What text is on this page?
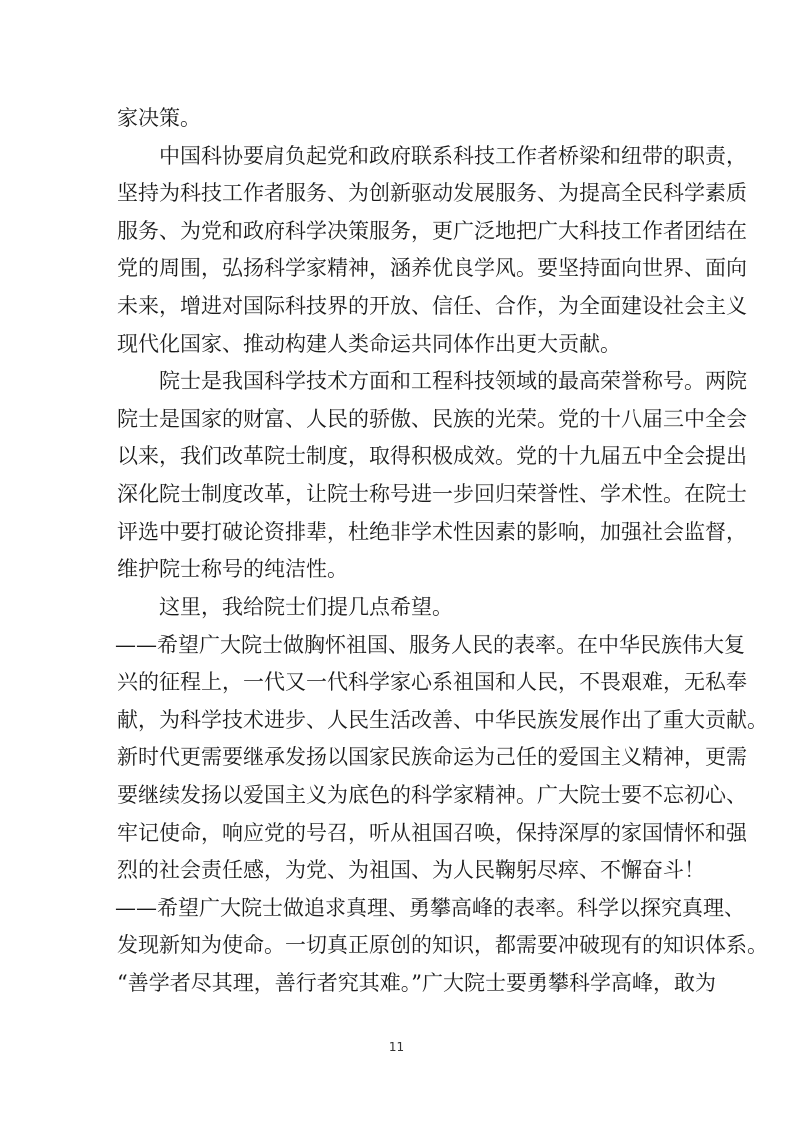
家决策。
中国科协要肩负起党和政府联系科技工作者桥梁和纽带的职责，
坚持为科技工作者服务、为创新驱动发展服务、为提高全民科学素质
服务、为党和政府科学决策服务，更广泛地把广大科技工作者团结在
党的周围，弘扬科学家精神，涵养优良学风。要坚持面向世界、面向
未来，增进对国际科技界的开放、信任、合作，为全面建设社会主义
现代化国家、推动构建人类命运共同体作出更大贡献。
院士是我国科学技术方面和工程科技领域的最高荣誉称号。两院
院士是国家的财富、人民的骄傲、民族的光荣。党的十八届三中全会
以来，我们改革院士制度，取得积极成效。党的十九届五中全会提出
深化院士制度改革，让院士称号进一步回归荣誉性、学术性。在院士
评选中要打破论资排辈，杜绝非学术性因素的影响，加强社会监督，
维护院士称号的纯洁性。
这里，我给院士们提几点希望。
——希望广大院士做胸怀祖国、服务人民的表率。在中华民族伟大复
兴的征程上，一代又一代科学家心系祖国和人民，不畏艰难，无私奉
献，为科学技术进步、人民生活改善、中华民族发展作出了重大贡献。
新时代更需要继承发扬以国家民族命运为己任的爱国主义精神，更需
要继续发扬以爱国主义为底色的科学家精神。广大院士要不忘初心、
牢记使命，响应党的号召，听从祖国召唤，保持深厚的家国情怀和强
烈的社会责任感，为党、为祖国、为人民鞠躬尽瘁、不懈奋斗！
——希望广大院士做追求真理、勇攀高峰的表率。科学以探究真理、
发现新知为使命。一切真正原创的知识，都需要冲破现有的知识体系。
“善学者尽其理，善行者究其难。”广大院士要勇攀科学高峰，敢为
11
